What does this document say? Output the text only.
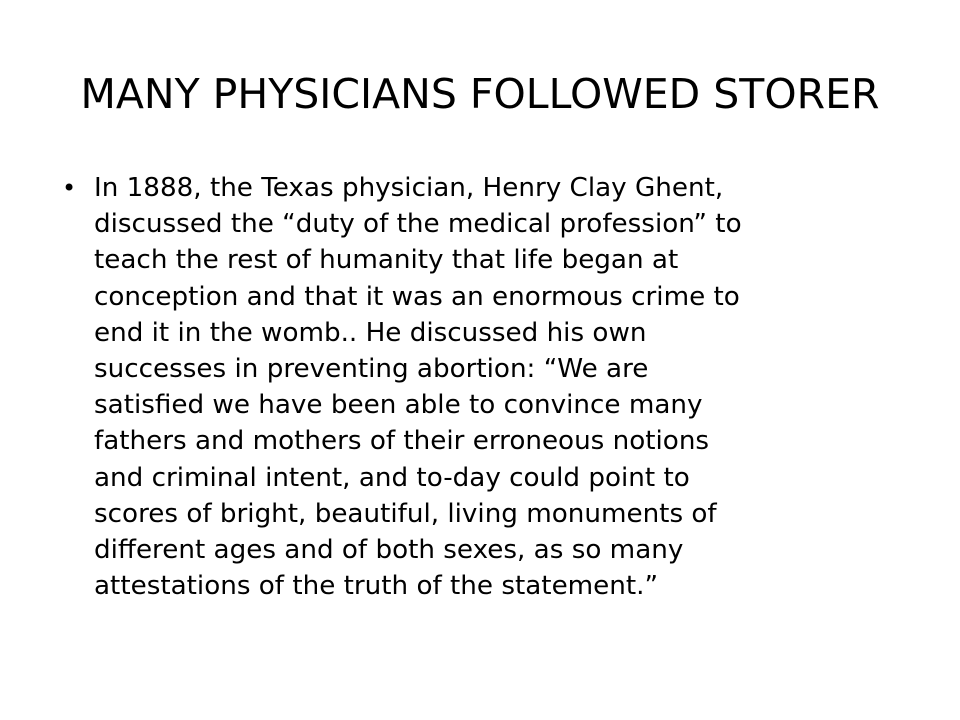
MANY PHYSICIANS FOLLOWED STORER
• In 1888, the Texas physician, Henry Clay Ghent,
discussed the “duty of the medical profession” to
teach the rest of humanity that life began at
conception and that it was an enormous crime to
end it in the womb.. He discussed his own
successes in preventing abortion: “We are
satisfied we have been able to convince many
fathers and mothers of their erroneous notions
and criminal intent, and to-day could point to
scores of bright, beautiful, living monuments of
different ages and of both sexes, as so many
attestations of the truth of the statement.”
